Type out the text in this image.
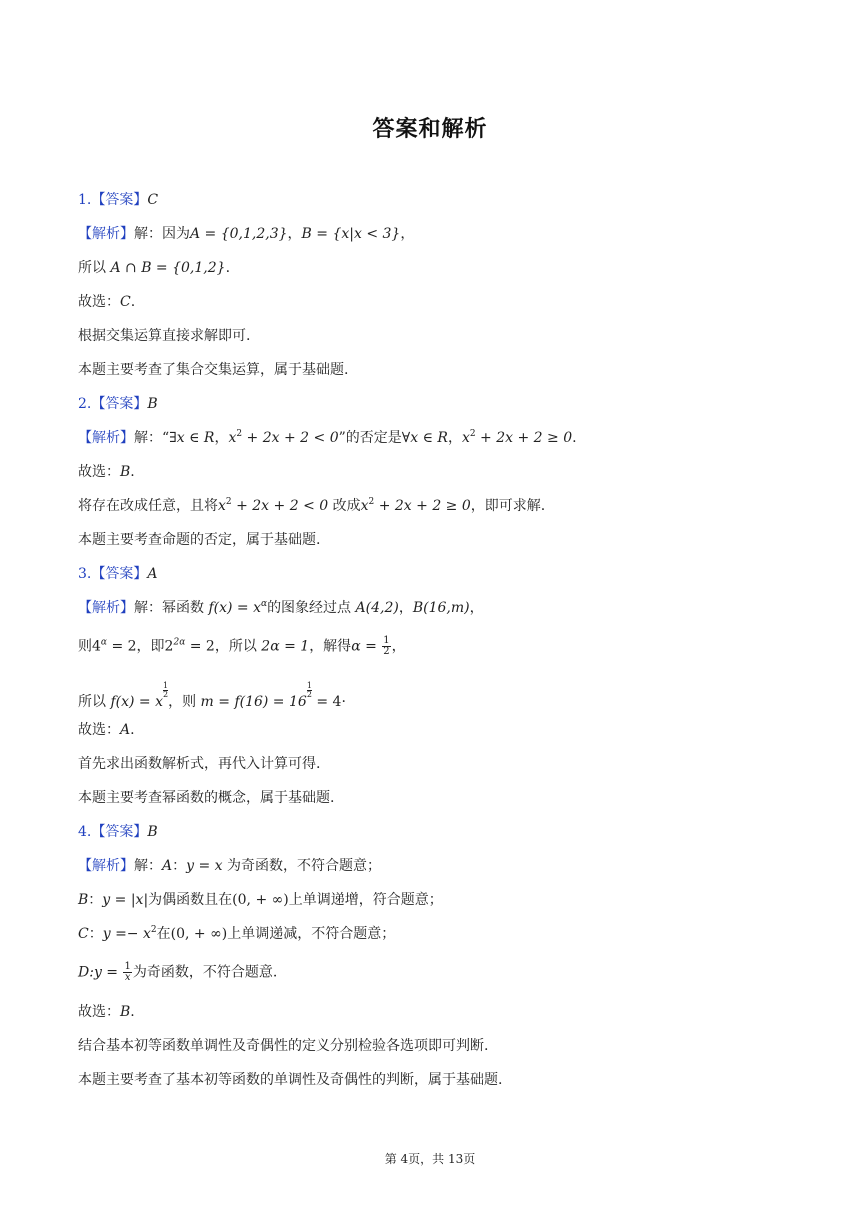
答案和解析
1.【答案】C
【解析】解：因为A = {0,1,2,3}，B = {x|x < 3}，
所以 A ∩ B = {0,1,2}.
故选：C.
根据交集运算直接求解即可.
本题主要考查了集合交集运算，属于基础题.
2.【答案】B
【解析】解：“∃x ∈ R，$x^2 + 2x + 2 < 0$”的否定是∀x ∈ R，$x^2 + 2x + 2 \ge 0$.
故选：B.
将存在改成任意，且将$x^2 + 2x + 2 < 0$ 改成$x^2 + 2x + 2 \ge 0$，即可求解.
本题主要考查命题的否定，属于基础题.
3.【答案】A
【解析】解：幂函数 $f(x) = x^\alpha$的图象经过点 A(4,2)，B(16,m)，
则$4^\alpha = 2$，即$2^{2\alpha} = 2$，所以 2α = 1，解得$\alpha = \frac{1}{2}$ ，
所以 f(x) = x
$\frac{1}{2}$
，则 m = f(16) = 16
$\frac{1}{2}$
= 4·
故选：A.
首先求出函数解析式，再代入计算可得.
本题主要考查幂函数的概念，属于基础题.
4.【答案】B
【解析】解：A：y = x 为奇函数，不符合题意；
B：y = |x|为偶函数且在(0, + ∞)上单调递增，符合题意；
C：$y =- x^2$在(0, + ∞)上单调递减，不符合题意；
D:y = $\frac{1}{x}$ 为奇函数，不符合题意.
故选：B.
结合基本初等函数单调性及奇偶性的定义分别检验各选项即可判断.
本题主要考查了基本初等函数的单调性及奇偶性的判断，属于基础题.
第 4页，共 13页
